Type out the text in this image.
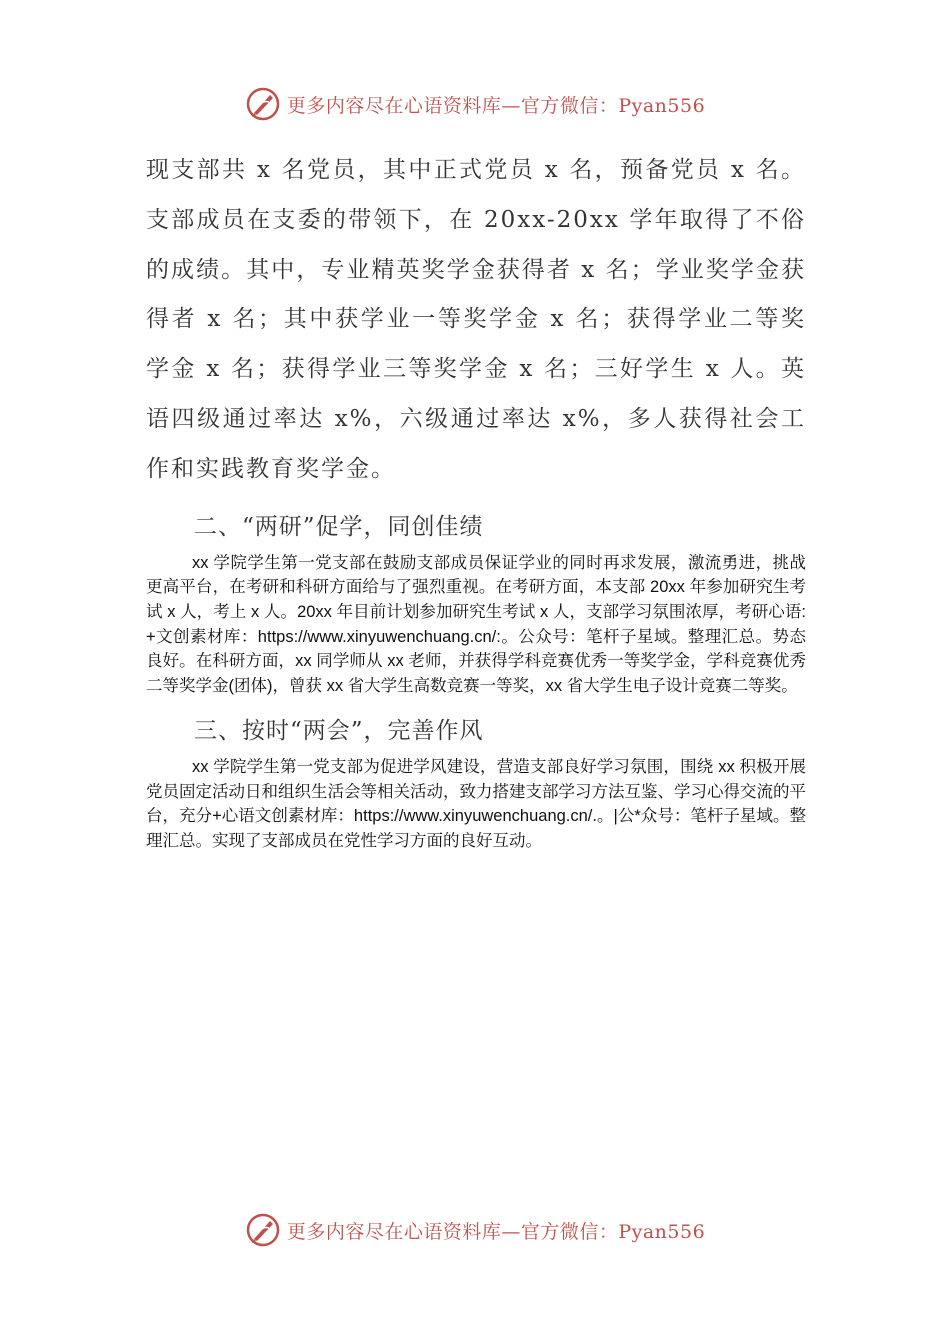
更多内容尽在心语资料库—官方微信：Pyan556

现支部共 x 名党员，其中正式党员 x 名，预备党员 x 名。支部成员在支委的带领下，在 20xx-20xx 学年取得了不俗的成绩。其中，专业精英奖学金获得者 x 名；学业奖学金获得者 x 名；其中获学业一等奖学金 x 名；获得学业二等奖学金 x 名；获得学业三等奖学金 x 名；三好学生 x 人。英语四级通过率达 x%，六级通过率达 x%，多人获得社会工作和实践教育奖学金。

二、“两研”促学，同创佳绩

xx 学院学生第一党支部在鼓励支部成员保证学业的同时再求发展，激流勇进，挑战更高平台，在考研和科研方面给与了强烈重视。在考研方面，本支部 20xx 年参加研究生考试 x 人，考上 x 人。20xx 年目前计划参加研究生考试 x 人，支部学习氛围浓厚，考研心语:+文创素材库：https://www.xinyuwenchuang.cn/:。公众号：笔杆子星域。整理汇总。势态良好。在科研方面，xx 同学师从 xx 老师，并获得学科竞赛优秀一等奖学金，学科竞赛优秀二等奖学金(团体)，曾获 xx 省大学生高数竞赛一等奖，xx 省大学生电子设计竞赛二等奖。

三、按时“两会”，完善作风

xx 学院学生第一党支部为促进学风建设，营造支部良好学习氛围，围绕 xx 积极开展党员固定活动日和组织生活会等相关活动，致力搭建支部学习方法互鉴、学习心得交流的平台，充分+心语文创素材库：https://www.xinyuwenchuang.cn/.。|公*众号：笔杆子星域。整理汇总。实现了支部成员在党性学习方面的良好互动。

更多内容尽在心语资料库—官方微信：Pyan556
